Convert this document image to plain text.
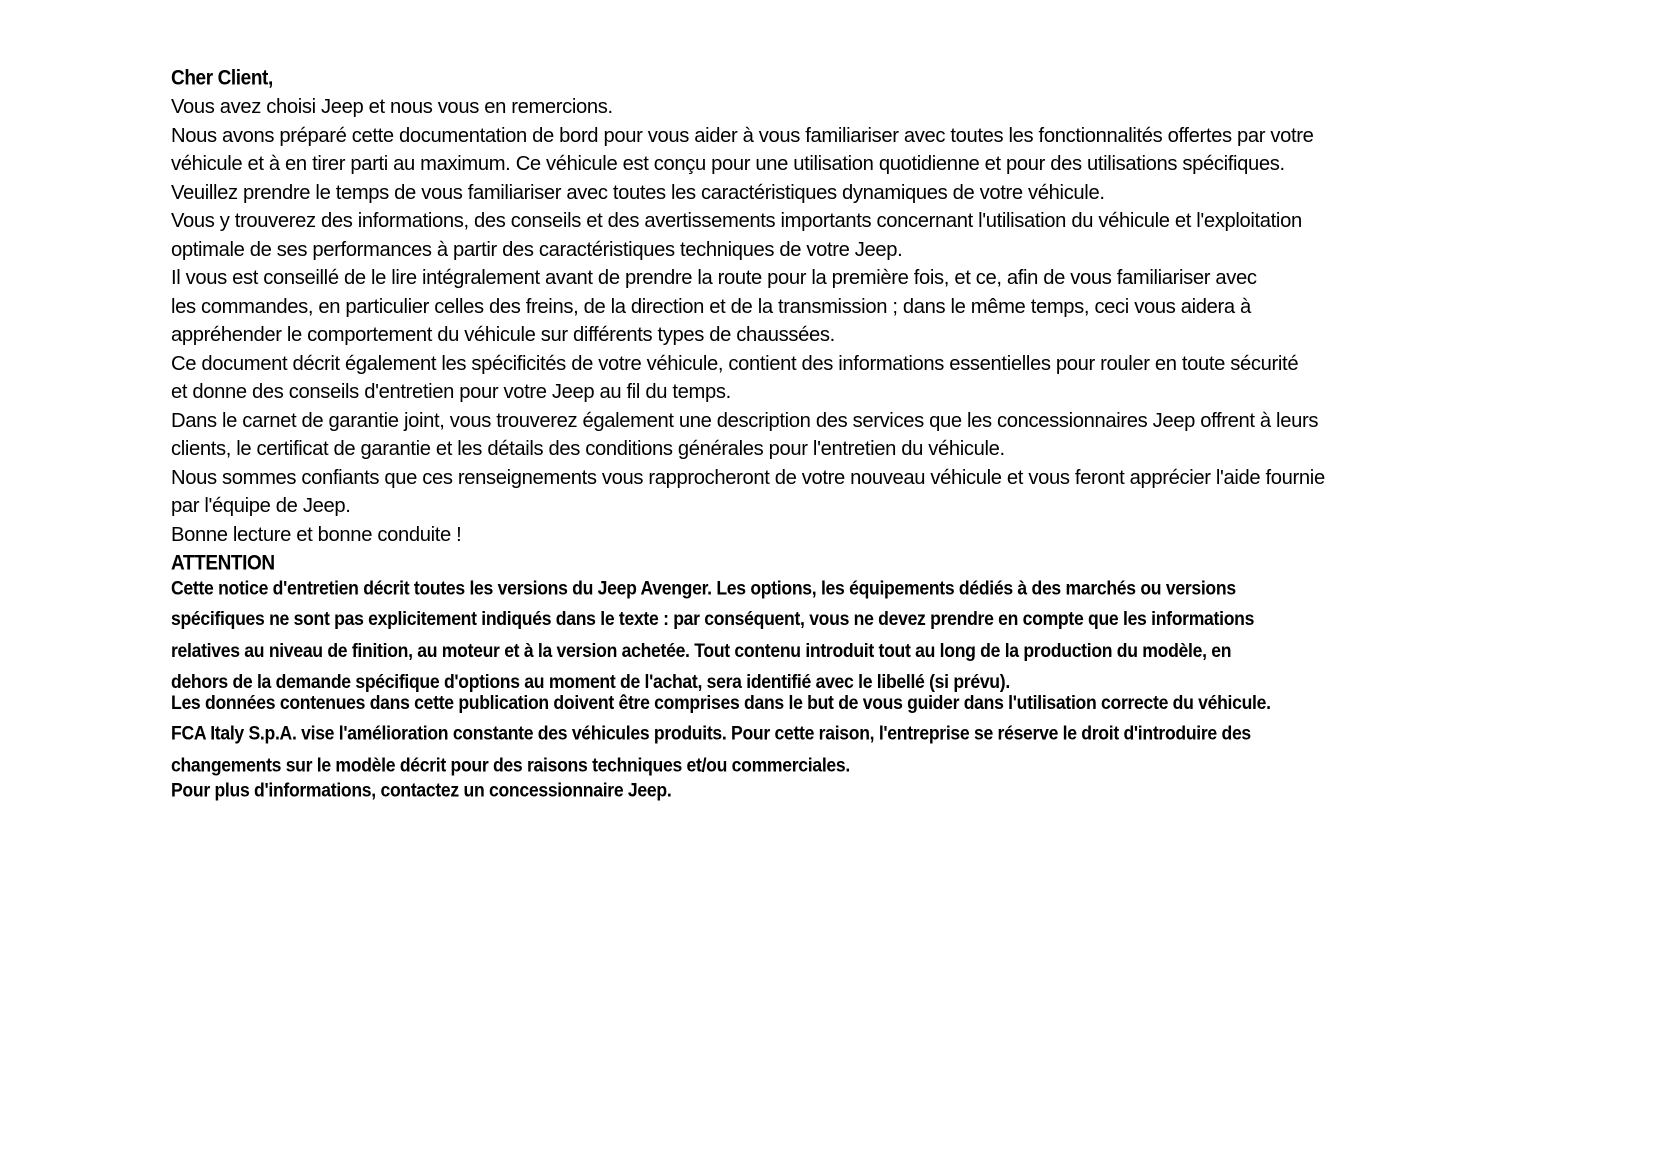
Cher Client,
Vous avez choisi Jeep et nous vous en remercions.
Nous avons préparé cette documentation de bord pour vous aider à vous familiariser avec toutes les fonctionnalités offertes par votre
véhicule et à en tirer parti au maximum. Ce véhicule est conçu pour une utilisation quotidienne et pour des utilisations spécifiques.
Veuillez prendre le temps de vous familiariser avec toutes les caractéristiques dynamiques de votre véhicule.
Vous y trouverez des informations, des conseils et des avertissements importants concernant l'utilisation du véhicule et l'exploitation
optimale de ses performances à partir des caractéristiques techniques de votre Jeep.
Il vous est conseillé de le lire intégralement avant de prendre la route pour la première fois, et ce, afin de vous familiariser avec
les commandes, en particulier celles des freins, de la direction et de la transmission ; dans le même temps, ceci vous aidera à
appréhender le comportement du véhicule sur différents types de chaussées.
Ce document décrit également les spécificités de votre véhicule, contient des informations essentielles pour rouler en toute sécurité
et donne des conseils d'entretien pour votre Jeep au fil du temps.
Dans le carnet de garantie joint, vous trouverez également une description des services que les concessionnaires Jeep offrent à leurs
clients, le certificat de garantie et les détails des conditions générales pour l'entretien du véhicule.
Nous sommes confiants que ces renseignements vous rapprocheront de votre nouveau véhicule et vous feront apprécier l'aide fournie
par l'équipe de Jeep.
Bonne lecture et bonne conduite !
ATTENTION
Cette notice d'entretien décrit toutes les versions du Jeep Avenger. Les options, les équipements dédiés à des marchés ou versions
spécifiques ne sont pas explicitement indiqués dans le texte : par conséquent, vous ne devez prendre en compte que les informations
relatives au niveau de finition, au moteur et à la version achetée. Tout contenu introduit tout au long de la production du modèle, en
dehors de la demande spécifique d'options au moment de l'achat, sera identifié avec le libellé (si prévu).
Les données contenues dans cette publication doivent être comprises dans le but de vous guider dans l'utilisation correcte du véhicule.
FCA Italy S.p.A. vise l'amélioration constante des véhicules produits. Pour cette raison, l'entreprise se réserve le droit d'introduire des
changements sur le modèle décrit pour des raisons techniques et/ou commerciales.
Pour plus d'informations, contactez un concessionnaire Jeep.
